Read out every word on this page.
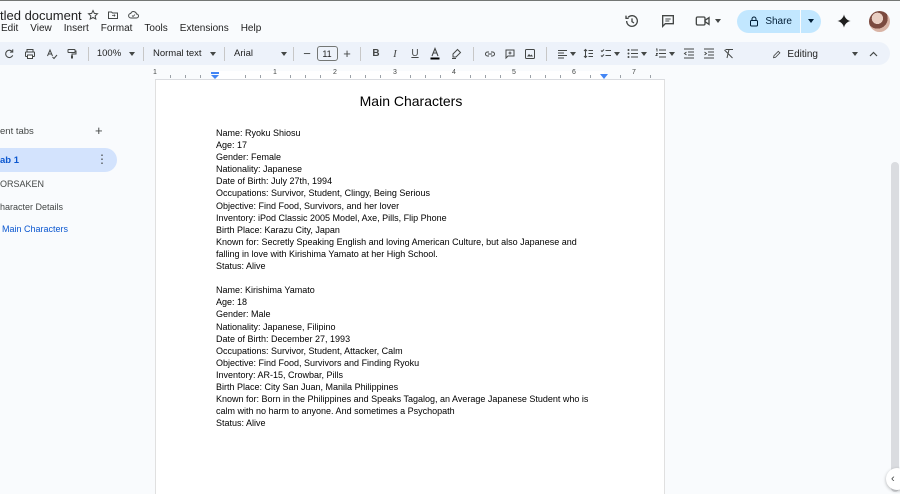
tled document
Edit View Insert Format Tools Extensions Help
Share
100%	Normal text	Arial	−	11 +	B	I	U	Editing
1	1	2	3	4	5	6	7
ent tabs	+
ab 1	⋮
ORSAKEN
haracter Details
Main Characters
Main Characters
Name: Ryoku Shiosu
Age: 17
Gender: Female
Nationality: Japanese
Date of Birth: July 27th, 1994
Occupations: Survivor, Student, Clingy, Being Serious
Objective: Find Food, Survivors, and her lover
Inventory: iPod Classic 2005 Model, Axe, Pills, Flip Phone
Birth Place: Karazu City, Japan
Known for: Secretly Speaking English and loving American Culture, but also Japanese and
falling in love with Kirishima Yamato at her High School.
Status: Alive
Name: Kirishima Yamato
Age: 18
Gender: Male
Nationality: Japanese, Filipino
Date of Birth: December 27, 1993
Occupations: Survivor, Student, Attacker, Calm
Objective: Find Food, Survivors and Finding Ryoku
Inventory: AR-15, Crowbar, Pills
Birth Place: City San Juan, Manila Philippines
Known for: Born in the Philippines and Speaks Tagalog, an Average Japanese Student who is
calm with no harm to anyone. And sometimes a Psychopath
Status: Alive
‹
